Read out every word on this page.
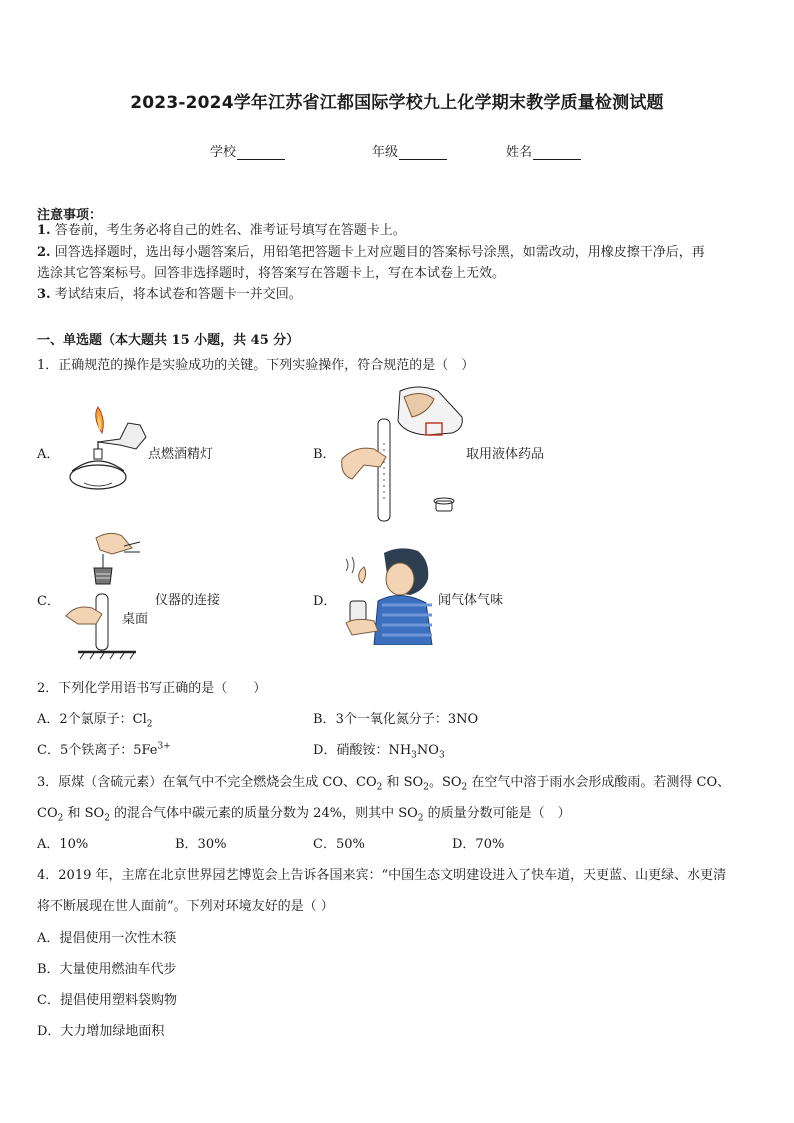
2023-2024学年江苏省江都国际学校九上化学期末教学质量检测试题
学校	年级	姓名
注意事项：
1. 答卷前，考生务必将自己的姓名、准考证号填写在答题卡上。
2. 回答选择题时，选出每小题答案后，用铅笔把答题卡上对应题目的答案标号涂黑，如需改动，用橡皮擦干净后，再
选涂其它答案标号。回答非选择题时，将答案写在答题卡上，写在本试卷上无效。
3. 考试结束后，将本试卷和答题卡一并交回。
一、单选题（本大题共 15 小题，共 45 分）
1．正确规范的操作是实验成功的关键。下列实验操作，符合规范的是（　）
A．	点燃酒精灯	B．	取用液体药品
C．	仪器的连接
桌面
D．	闻气体气味
2．下列化学用语书写正确的是（　　）
A．2个氯原子：$Cl_2$	B．3个一氧化氮分子：3NO
C．5个铁离子：$5Fe^{3+}$	D．硝酸铵：$NH_3NO_3$
3．原煤（含硫元素）在氧气中不完全燃烧会生成 CO、$CO_2$ 和 $SO_2$。$SO_2$ 在空气中溶于雨水会形成酸雨。若测得 CO、
$CO_2$ 和 $SO_2$ 的混合气体中碳元素的质量分数为 24%，则其中 $SO_2$ 的质量分数可能是（　）
A．10%	B．30%	C．50%	D．70%
4．2019 年，主席在北京世界园艺博览会上告诉各国来宾：“中国生态文明建设进入了快车道，天更蓝、山更绿、水更清
将不断展现在世人面前”。下列对环境友好的是（ ）
A．提倡使用一次性木筷
B．大量使用燃油车代步
C．提倡使用塑料袋购物
D．大力增加绿地面积
